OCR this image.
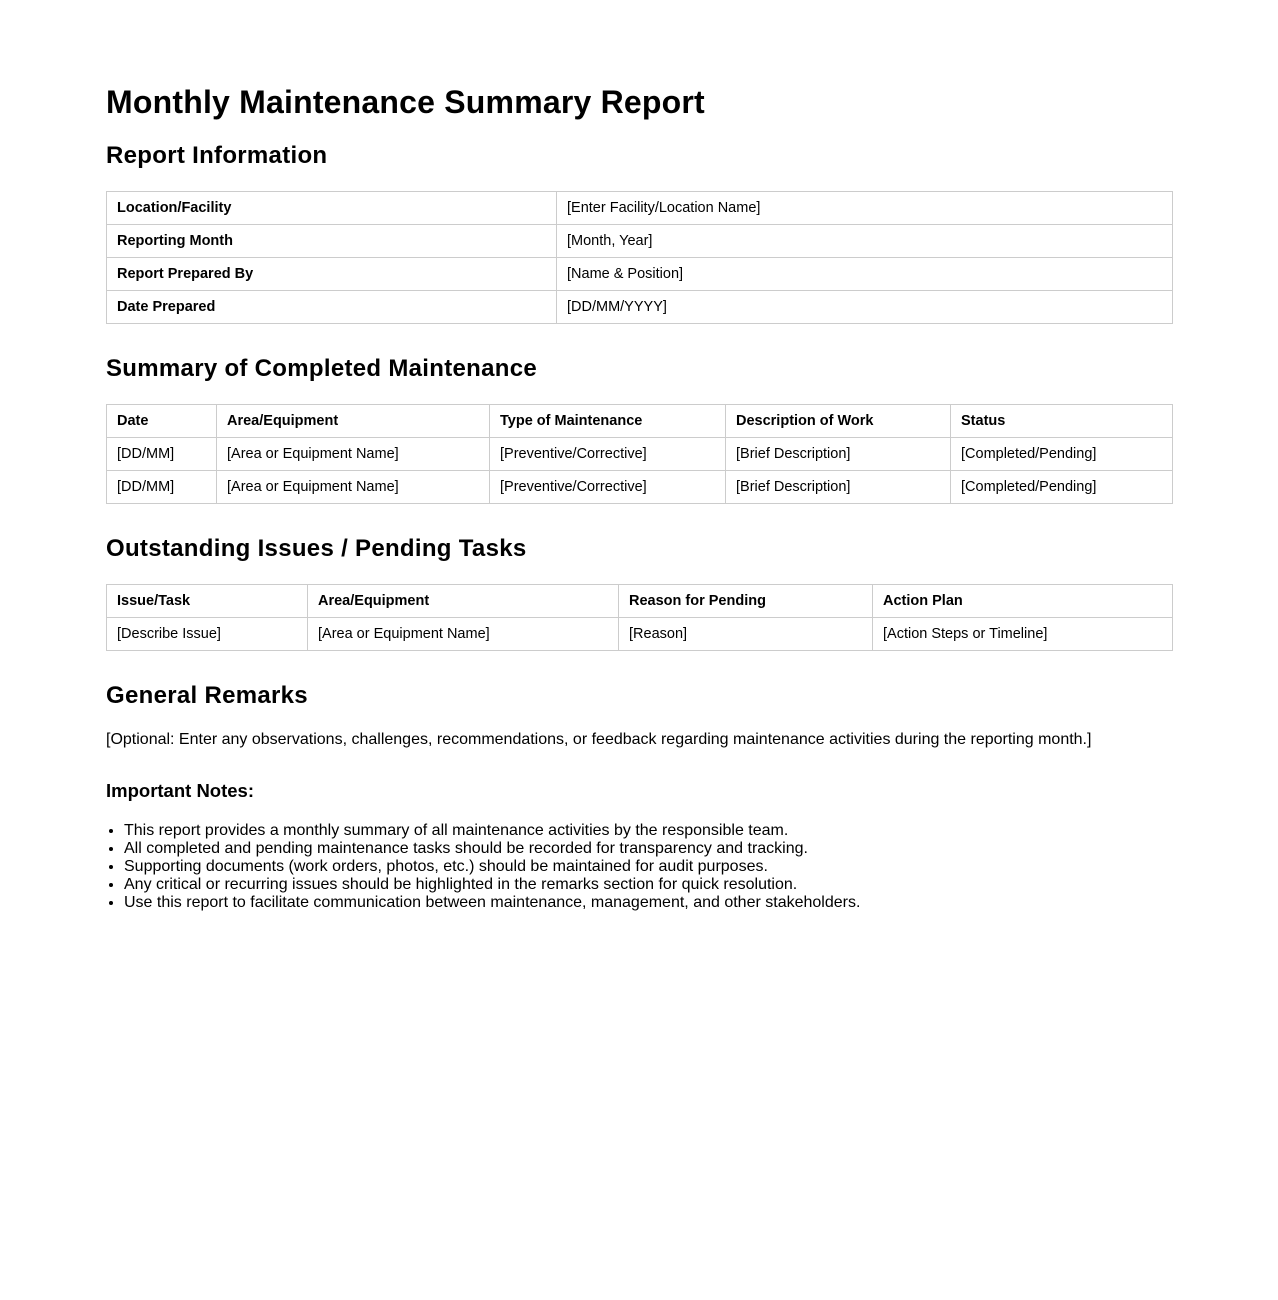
Monthly Maintenance Summary Report
Report Information
Location/Facility	[Enter Facility/Location Name]
Reporting Month	[Month, Year]
Report Prepared By	[Name & Position]
Date Prepared	[DD/MM/YYYY]
Summary of Completed Maintenance
Date	Area/Equipment	Type of Maintenance	Description of Work	Status
[DD/MM]	[Area or Equipment Name]	[Preventive/Corrective]	[Brief Description]	[Completed/Pending]
[DD/MM]	[Area or Equipment Name]	[Preventive/Corrective]	[Brief Description]	[Completed/Pending]
Outstanding Issues / Pending Tasks
Issue/Task	Area/Equipment	Reason for Pending	Action Plan
[Describe Issue]	[Area or Equipment Name]	[Reason]	[Action Steps or Timeline]
General Remarks

[Optional: Enter any observations, challenges, recommendations, or feedback regarding maintenance activities during the reporting month.]

Important Notes:
• This report provides a monthly summary of all maintenance activities by the responsible team.
• All completed and pending maintenance tasks should be recorded for transparency and tracking.
• Supporting documents (work orders, photos, etc.) should be maintained for audit purposes.
• Any critical or recurring issues should be highlighted in the remarks section for quick resolution.
• Use this report to facilitate communication between maintenance, management, and other stakeholders.
